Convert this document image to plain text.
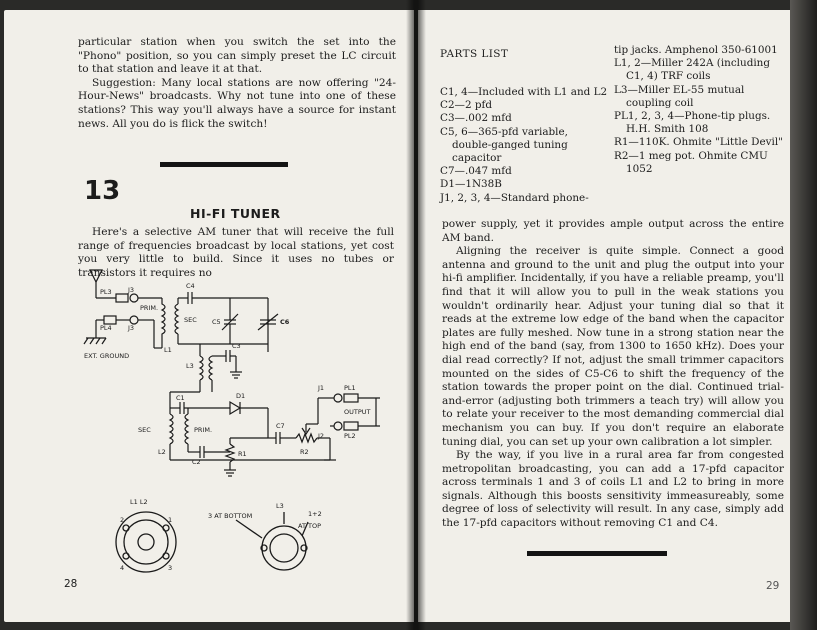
particular station when you switch the set into the "Phono" position, so you can simply preset the LC circuit to that station and leave it at that.

Suggestion: Many local stations are now offering "24-Hour-News" broadcasts. Why not tune into one of these stations? This way you'll always have a source for instant news. All you do is flick the switch!

13
HI-FI TUNER

Here's a selective AM tuner that will receive the full range of frequencies broadcast by local stations, yet cost you very little to build. Since it uses no tubes or transistors it requires no

PL3	J3
PL4	J3
PRIM.
SEC
C4
C5	C6
L1
L3
C3
EXT. GROUND
C1	D1
SEC	PRIM.
L2
C2
C7
R1	R2
J1	PL1
OUTPUT
J2	PL2
L1 L2	L3
3 AT BOTTOM	1+2
AT TOP
2	1
4	3
28
PARTS LIST
C1, 4—Included with L1 and L2
C2—2 pfd
C3—.002 mfd
C5, 6—365-pfd variable, double-ganged tuning capacitor
C7—.047 mfd
D1—1N38B
J1, 2, 3, 4—Standard phone-
tip jacks. Amphenol 350-61001
L1, 2—Miller 242A (including C1, 4) TRF coils
L3—Miller EL-55 mutual coupling coil
PL1, 2, 3, 4—Phone-tip plugs. H.H. Smith 108
R1—110K. Ohmite "Little Devil"
R2—1 meg pot. Ohmite CMU 1052

power supply, yet it provides ample output across the entire AM band.

Aligning the receiver is quite simple. Connect a good antenna and ground to the unit and plug the output into your hi-fi amplifier. Incidentally, if you have a reliable preamp, you'll find that it will allow you to pull in the weak stations you wouldn't ordinarily hear. Adjust your tuning dial so that it reads at the extreme low edge of the band when the capacitor plates are fully meshed. Now tune in a strong station near the high end of the band (say, from 1300 to 1650 kHz). Does your dial read correctly? If not, adjust the small trimmer capacitors mounted on the sides of C5-C6 to shift the frequency of the station towards the proper point on the dial. Continued trial-and-error (adjusting both trimmers a teach try) will allow you to relate your receiver to the most demanding commercial dial mechanism you can buy. If you don't require an elaborate tuning dial, you can set up your own calibration a lot simpler.

By the way, if you live in a rural area far from congested metropolitan broadcasting, you can add a 17-pfd capacitor across terminals 1 and 3 of coils L1 and L2 to bring in more signals. Although this boosts sensitivity immeasureably, some degree of loss of selectivity will result. In any case, simply add the 17-pfd capacitors without removing C1 and C4.

29
